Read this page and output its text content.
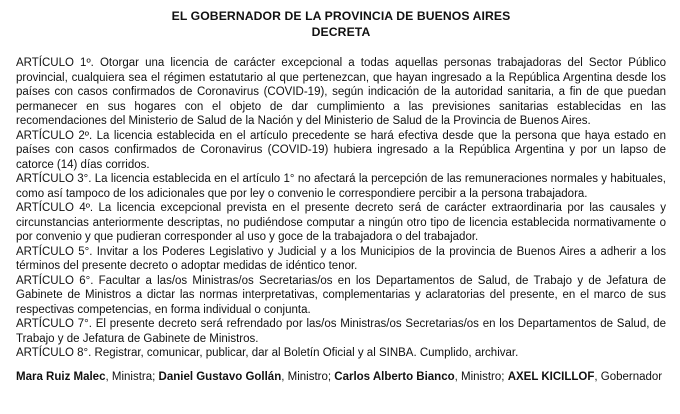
EL GOBERNADOR DE LA PROVINCIA DE BUENOS AIRES

DECRETA

ARTÍCULO 1º. Otorgar una licencia de carácter excepcional a todas aquellas personas trabajadoras del Sector Público provincial, cualquiera sea el régimen estatutario al que pertenezcan, que hayan ingresado a la República Argentina desde los países con casos confirmados de Coronavirus (COVID-19), según indicación de la autoridad sanitaria, a fin de que puedan permanecer en sus hogares con el objeto de dar cumplimiento a las previsiones sanitarias establecidas en las recomendaciones del Ministerio de Salud de la Nación y del Ministerio de Salud de la Provincia de Buenos Aires.

ARTÍCULO 2º. La licencia establecida en el artículo precedente se hará efectiva desde que la persona que haya estado en países con casos confirmados de Coronavirus (COVID-19) hubiera ingresado a la República Argentina y por un lapso de catorce (14) días corridos.

ARTÍCULO 3°. La licencia establecida en el artículo 1° no afectará la percepción de las remuneraciones normales y habituales, como así tampoco de los adicionales que por ley o convenio le correspondiere percibir a la persona trabajadora.

ARTÍCULO 4º. La licencia excepcional prevista en el presente decreto será de carácter extraordinaria por las causales y circunstancias anteriormente descriptas, no pudiéndose computar a ningún otro tipo de licencia establecida normativamente o por convenio y que pudieran corresponder al uso y goce de la trabajadora o del trabajador.

ARTÍCULO 5°. Invitar a los Poderes Legislativo y Judicial y a los Municipios de la provincia de Buenos Aires a adherir a los términos del presente decreto o adoptar medidas de idéntico tenor.

ARTÍCULO 6°. Facultar a las/os Ministras/os Secretarias/os en los Departamentos de Salud, de Trabajo y de Jefatura de Gabinete de Ministros a dictar las normas interpretativas, complementarias y aclaratorias del presente, en el marco de sus respectivas competencias, en forma individual o conjunta.

ARTÍCULO 7°. El presente decreto será refrendado por las/os Ministras/os Secretarias/os en los Departamentos de Salud, de Trabajo y de Jefatura de Gabinete de Ministros.

ARTÍCULO 8°. Registrar, comunicar, publicar, dar al Boletín Oficial y al SINBA. Cumplido, archivar.

Mara Ruiz Malec, Ministra; Daniel Gustavo Gollán, Ministro; Carlos Alberto Bianco, Ministro; AXEL KICILLOF, Gobernador
